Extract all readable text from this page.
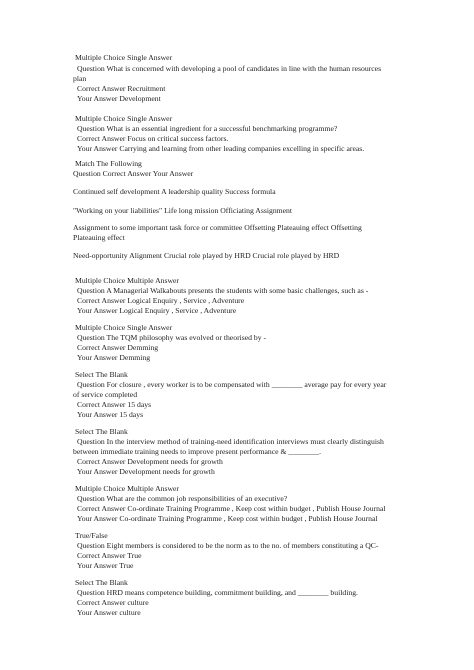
Multiple Choice Single Answer
Question What is concerned with developing a pool of candidates in line with the human resources
plan
Correct Answer Recruitment
Your Answer Development
Multiple Choice Single Answer
Question What is an essential ingredient for a successful benchmarking programme?
Correct Answer Focus on critical success factors.
Your Answer Carrying and learning from other leading companies excelling in specific areas.
Match The Following
Question Correct Answer Your Answer
Continued self development A leadership quality Success formula
"Working on your liabilities" Life long mission Officiating Assignment
Assignment to some important task force or committee Offsetting Plateauing effect Offsetting
Plateauing effect
Need-opportunity Alignment Crucial role played by HRD Crucial role played by HRD
Multiple Choice Multiple Answer
Question A Managerial Walkabouts presents the students with some basic challenges, such as -
Correct Answer Logical Enquiry , Service , Adventure
Your Answer Logical Enquiry , Service , Adventure
Multiple Choice Single Answer
Question The TQM philosophy was evolved or theorised by -
Correct Answer Demming
Your Answer Demming
Select The Blank
Question For closure , every worker is to be compensated with ________ average pay for every year
of service completed
Correct Answer 15 days
Your Answer 15 days
Select The Blank
Question In the interview method of training-need identification interviews must clearly distinguish
between immediate training needs to improve present performance & ________.
Correct Answer Development needs for growth
Your Answer Development needs for growth
Multiple Choice Multiple Answer
Question What are the common job responsibilities of an executive?
Correct Answer Co-ordinate Training Programme , Keep cost within budget , Publish House Journal
Your Answer Co-ordinate Training Programme , Keep cost within budget , Publish House Journal
True/False
Question Eight members is considered to be the norm as to the no. of members constituting a QC-
Correct Answer True
Your Answer True
Select The Blank
Question HRD means competence building, commitment building, and ________ building.
Correct Answer culture
Your Answer culture
